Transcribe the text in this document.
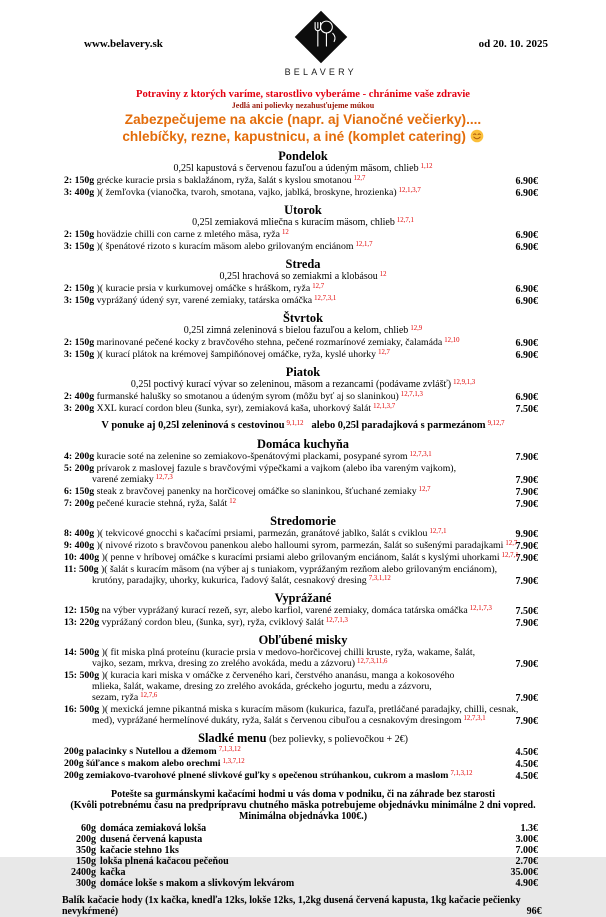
www.belavery.sk
BELAVERY
od 20. 10. 2025
Potraviny z ktorých varíme, starostlivo vyberáme - chránime vaše zdravie
Jedlá ani polievky nezahusťujeme múkou
Zabezpečujeme na akcie (napr. aj Vianočné večierky)....
chlebíčky, rezne, kapustnicu, a iné (komplet catering)
Pondelok
0,25l kapustová s červenou fazuľou a údeným mäsom, chlieb $^{1,12}$
2: 150g grécke kuracie prsia s baklažánom, ryža, šalát s kyslou smotanou $^{12,7}$	6.90€
3: 400g )( žemľovka (vianočka, tvaroh, smotana, vajko, jablká, broskyne, hrozienka) $^{12,1,3,7}$	6.90€
Utorok
0,25l zemiaková mliečna s kuracím mäsom, chlieb $^{12,7,1}$
2: 150g hovädzie chilli con carne z mletého mäsa, ryža $^{12}$	6.90€
3: 150g )( špenátové rizoto s kuracím mäsom alebo grilovaným enciánom $^{12,1,7}$	6.90€
Streda
0,25l hrachová so zemiakmi a klobásou $^{12}$
2: 150g )( kuracie prsia v kurkumovej omáčke s hráškom, ryža $^{12,7}$	6.90€
3: 150g vyprážaný údený syr, varené zemiaky, tatárska omáčka $^{12,7,3,1}$	6.90€
Štvrtok
0,25l zimná zeleninová s bielou fazuľou a kelom, chlieb $^{12,9}$
2: 150g marinované pečené kocky z bravčového stehna, pečené rozmarínové zemiaky, čalamáda $^{12,10}$	6.90€
3: 150g )( kurací plátok na krémovej šampiňónovej omáčke, ryža, kyslé uhorky $^{12,7}$	6.90€
Piatok
0,25l poctivý kurací vývar so zeleninou, mäsom a rezancami (podávame zvlášť) $^{12,9,1,3}$
2: 400g furmanské halušky so smotanou a údeným syrom (môžu byť aj so slaninkou) $^{12,7,1,3}$	6.90€
3: 200g XXL kurací cordon bleu (šunka, syr), zemiaková kaša, uhorkový šalát $^{12,1,3,7}$	7.50€
V ponuke aj 0,25l zeleninová s cestovinou $^{9,1,12}$ alebo 0,25l paradajková s parmezánom $^{9,12,7}$
Domáca kuchyňa
4: 200g kuracie soté na zelenine so zemiakovo-špenátovými plackami, posypané syrom $^{12,7,3,1}$	7.90€
5: 200g prívarok z maslovej fazule s bravčovými výpečkami a vajkom (alebo iba vareným vajkom),
varené zemiaky $^{12,7,3}$	7.90€
6: 150g steak z bravčovej panenky na horčicovej omáčke so slaninkou, šťuchané zemiaky $^{12,7}$	7.90€
7: 200g pečené kuracie stehná, ryža, šalát $^{12}$	7.90€
Stredomorie
8: 400g )( tekvicové gnocchi s kačacími prsiami, parmezán, granátové jablko, šalát s cviklou $^{12,7,1}$	9.90€
9: 400g )( nivové rizoto s bravčovou panenkou alebo halloumi syrom, parmezán, šalát so sušenými paradajkami $^{12,7}$
7.90€
10: 400g )( penne v hríbovej omáčke s kuracími prsiami alebo grilovaným enciánom, šalát s kyslými uhorkami $^{12,7,1}$
7.90€
11: 500g )( šalát s kuracím mäsom (na výber aj s tuniakom, vyprážaným rezňom alebo grilovaným enciánom),
krutóny, paradajky, uhorky, kukurica, ľadový šalát, cesnakový dresing $^{7,3,1,12}$	7.90€
Vyprážané
12: 150g na výber vyprážaný kurací rezeň, syr, alebo karfiol, varené zemiaky, domáca tatárska omáčka $^{12,1,7,3}$	7.50€
13: 220g vyprážaný cordon bleu, (šunka, syr), ryža, cviklový šalát $^{12,7,1,3}$	7.90€
Obľúbené misky
14: 500g )( fit miska plná proteínu (kuracie prsia v medovo-horčicovej chilli kruste, ryža, wakame, šalát,
vajko, sezam, mrkva, dresing zo zrelého avokáda, medu a zázvoru) $^{12,7,3,11,6}$	7.90€
15: 500g )( kuracia kari miska v omáčke z červeného kari, čerstvého ananásu, manga a kokosového
mlieka, šalát, wakame, dresing zo zrelého avokáda, gréckeho jogurtu, medu a zázvoru,
sezam, ryža $^{12,7,6}$	7.90€
16: 500g )( mexická jemne pikantná miska s kuracím mäsom (kukurica, fazuľa, pretláčané paradajky, chilli, cesnak,
med), vyprážané hermelínové dukáty, ryža, šalát s červenou cibuľou a cesnakovým dresingom $^{12,7,3,1}$	7.90€
Sladké menu (bez polievky, s polievočkou + 2€)
200g palacinky s Nutellou a džemom $^{7,1,3,12}$	4.50€
200g šúľance s makom alebo orechmi $^{1,3,7,12}$	4.50€
200g zemiakovo-tvarohové plnené slivkové guľky s opečenou strúhankou, cukrom a maslom $^{7,1,3,12}$	4.50€
Potešte sa gurmánskymi kačacími hodmi u vás doma v podniku, či na záhrade bez starosti
(Kvôli potrebnému času na predprípravu chutného mäska potrebujeme objednávku minimálne 2 dni vopred.
Minimálna objednávka 100€.)
60g domáca zemiaková lokša	1.3€
200g dusená červená kapusta	3.00€
350g kačacie stehno 1ks	7.00€
150g lokša plnená kačacou pečeňou	2.70€
2400g kačka	35.00€
300g domáce lokše s makom a slivkovým lekvárom	4.90€
Balík kačacie hody (1x kačka, knedľa 12ks, lokše 12ks, 1,2kg dusená červená kapusta, 1kg kačacie pečienky
nevykŕmené)	96€
